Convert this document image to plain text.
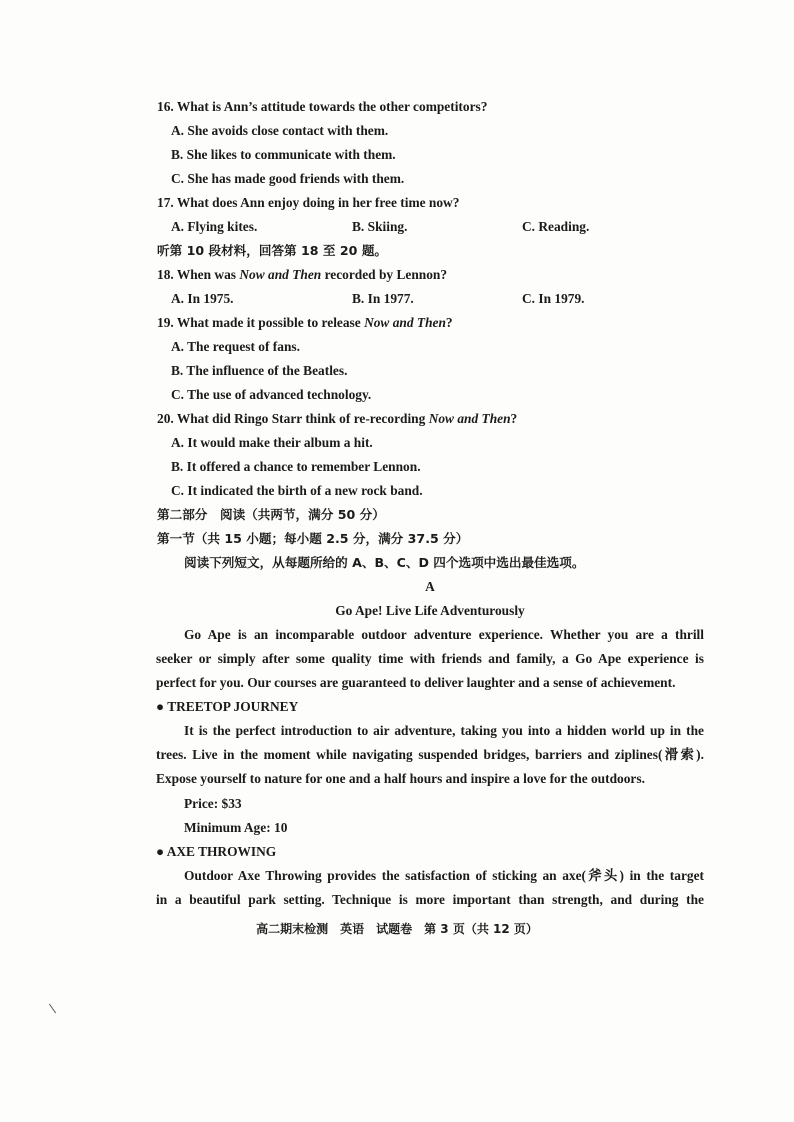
16. What is Ann’s attitude towards the other competitors?
A. She avoids close contact with them.
B. She likes to communicate with them.
C. She has made good friends with them.
17. What does Ann enjoy doing in her free time now?
A. Flying kites.	B. Skiing.	C. Reading.
听第 10 段材料，回答第 18 至 20 题。
18. When was Now and Then recorded by Lennon?
A. In 1975.	B. In 1977.	C. In 1979.
19. What made it possible to release Now and Then?
A. The request of fans.
B. The influence of the Beatles.
C. The use of advanced technology.
20. What did Ringo Starr think of re-recording Now and Then?
A. It would make their album a hit.
B. It offered a chance to remember Lennon.
C. It indicated the birth of a new rock band.
第二部分　阅读（共两节，满分 50 分）
第一节（共 15 小题；每小题 2.5 分，满分 37.5 分）
阅读下列短文，从每题所给的 A、B、C、D 四个选项中选出最佳选项。
A
Go Ape! Live Life Adventurously
Go Ape is an incomparable outdoor adventure experience. Whether you are a thrill
seeker or simply after some quality time with friends and family, a Go Ape experience is
perfect for you. Our courses are guaranteed to deliver laughter and a sense of achievement.
● TREETOP JOURNEY
It is the perfect introduction to air adventure, taking you into a hidden world up in the
trees. Live in the moment while navigating suspended bridges, barriers and ziplines(滑索).
Expose yourself to nature for one and a half hours and inspire a love for the outdoors.
Price: $33
Minimum Age: 10
● AXE THROWING
Outdoor Axe Throwing provides the satisfaction of sticking an axe(斧头) in the target
in a beautiful park setting. Technique is more important than strength, and during the
高二期末检测　英语　试题卷　第 3 页（共 12 页）
